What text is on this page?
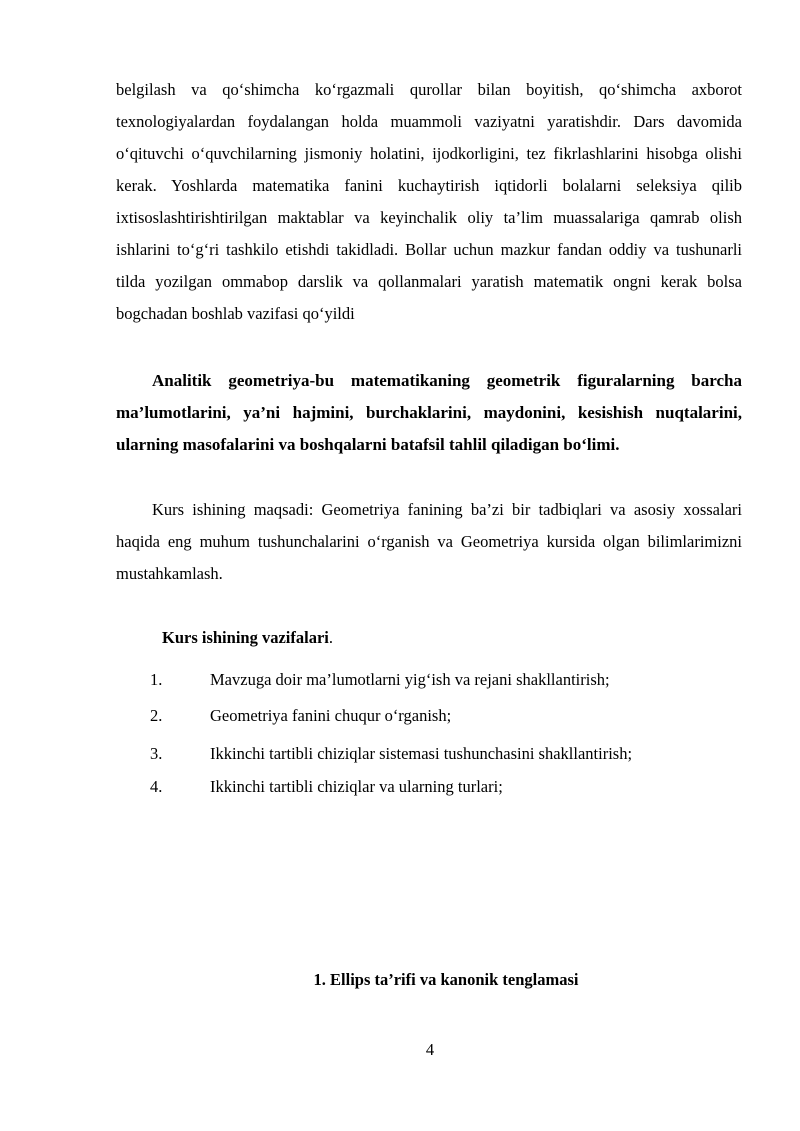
belgilash va qo‘shimcha ko‘rgazmali qurollar bilan boyitish, qo‘shimcha axborot texnologiyalardan foydalangan holda muammoli vaziyatni yaratishdir. Dars davomida o‘qituvchi o‘quvchilarning jismoniy holatini, ijodkorligini, tez fikrlashlarini hisobga olishi kerak. Yoshlarda matematika fanini kuchaytirish iqtidorli bolalarni seleksiya qilib ixtisoslashtirishtirilgan maktablar va keyinchalik oliy ta’lim muassalariga qamrab olish ishlarini to‘g‘ri tashkilo etishdi takidladi. Bollar uchun mazkur fandan oddiy va tushunarli tilda yozilgan ommabop darslik va qollanmalari yaratish matematik ongni kerak bolsa bogchadan boshlab vazifasi qo‘yildi

Analitik geometriya-bu matematikaning geometrik figuralarning barcha ma’lumotlarini, ya’ni hajmini, burchaklarini, maydonini, kesishish nuqtalarini, ularning masofalarini va boshqalarni batafsil tahlil qiladigan bo‘limi.

Kurs ishining maqsadi: Geometriya fanining ba’zi bir tadbiqlari va asosiy xossalari haqida eng muhum tushunchalarini o‘rganish va Geometriya kursida olgan bilimlarimizni mustahkamlash.

Kurs ishining vazifalari.
1.	Mavzuga doir ma’lumotlarni yig‘ish va rejani shakllantirish;
2.	Geometriya fanini chuqur o‘rganish;
3.	Ikkinchi tartibli chiziqlar sistemasi tushunchasini shakllantirish;
4.	Ikkinchi tartibli chiziqlar va ularning turlari;
1. Ellips ta’rifi va kanonik tenglamasi
4
